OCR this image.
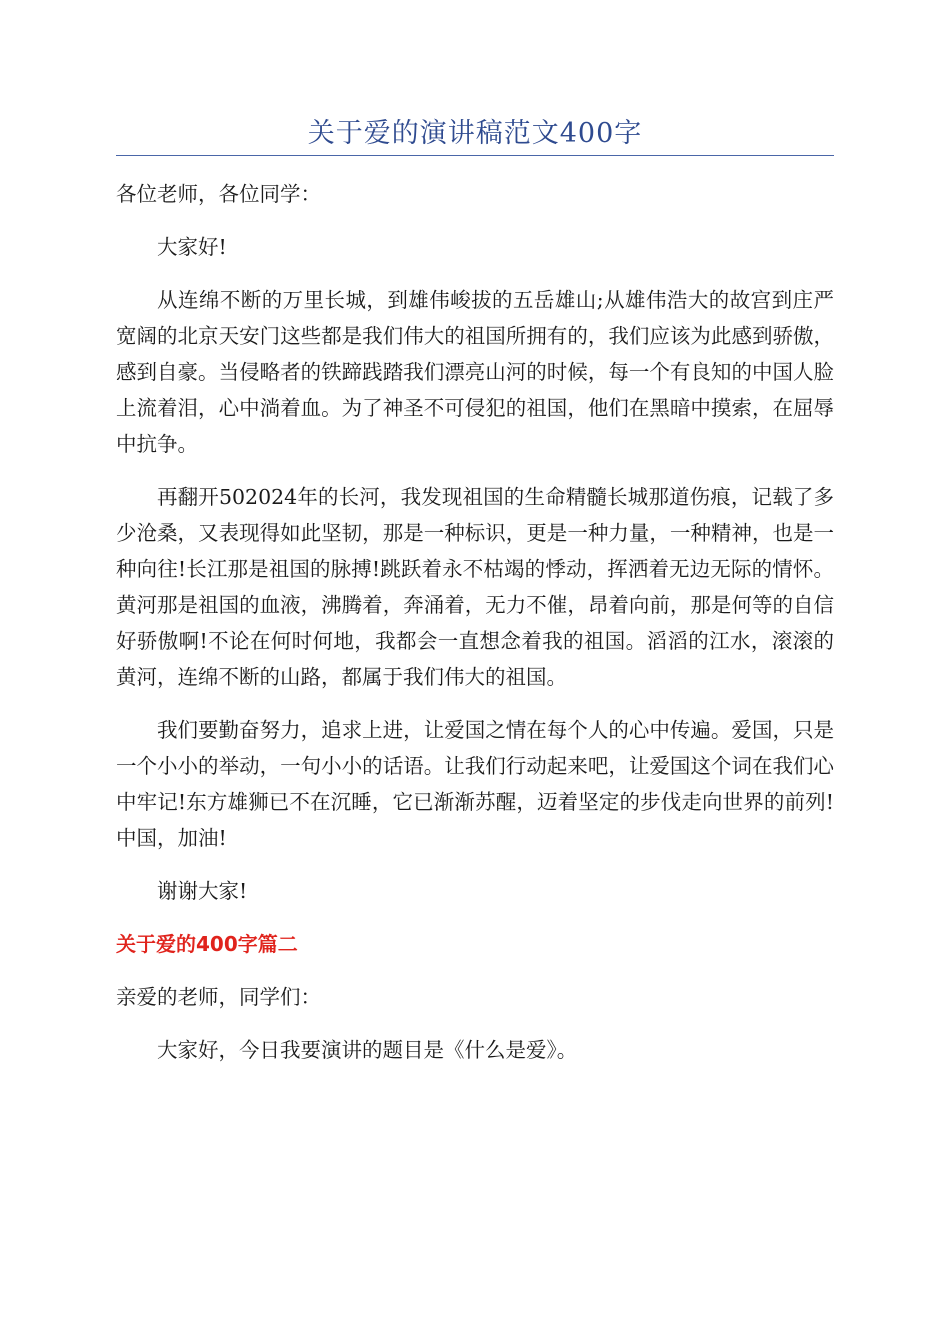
关于爱的演讲稿范文400字

各位老师，各位同学：

大家好!

从连绵不断的万里长城，到雄伟峻拔的五岳雄山;从雄伟浩大的故宫到庄严宽阔的北京天安门这些都是我们伟大的祖国所拥有的，我们应该为此感到骄傲，感到自豪。当侵略者的铁蹄践踏我们漂亮山河的时候，每一个有良知的中国人脸上流着泪，心中淌着血。为了神圣不可侵犯的祖国，他们在黑暗中摸索，在屈辱中抗争。

再翻开502024年的长河，我发现祖国的生命精髓长城那道伤痕，记载了多少沧桑，又表现得如此坚韧，那是一种标识，更是一种力量，一种精神，也是一种向往!长江那是祖国的脉搏!跳跃着永不枯竭的悸动，挥洒着无边无际的情怀。黄河那是祖国的血液，沸腾着，奔涌着，无力不催，昂着向前，那是何等的自信好骄傲啊!不论在何时何地，我都会一直想念着我的祖国。滔滔的江水，滚滚的黄河，连绵不断的山路，都属于我们伟大的祖国。

我们要勤奋努力，追求上进，让爱国之情在每个人的心中传遍。爱国，只是一个小小的举动，一句小小的话语。让我们行动起来吧，让爱国这个词在我们心中牢记!东方雄狮已不在沉睡，它已渐渐苏醒，迈着坚定的步伐走向世界的前列!中国，加油!

谢谢大家!

关于爱的400字篇二

亲爱的老师，同学们：

大家好，今日我要演讲的题目是《什么是爱》。
